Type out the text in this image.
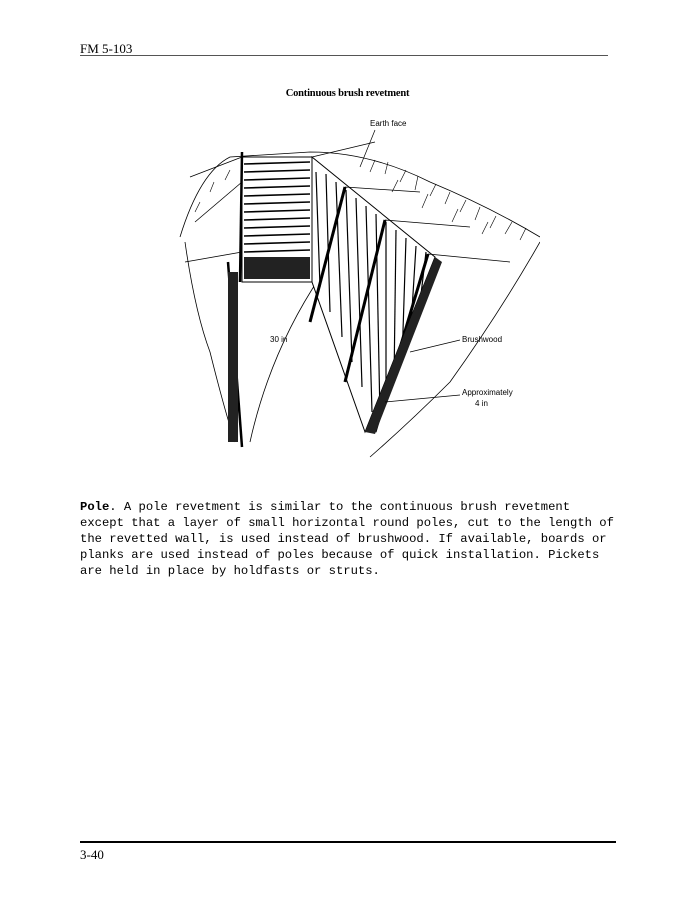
FM 5-103
Continuous brush revetment
Earth face
Brushwood
30 in
Approximately
4 in
Pole. A pole revetment is similar to the continuous brush revetment except that a layer of small horizontal round poles, cut to the length of the revetted wall, is used instead of brushwood. If available, boards or planks are used instead of poles because of quick installation. Pickets are held in place by holdfasts or struts.
3-40
